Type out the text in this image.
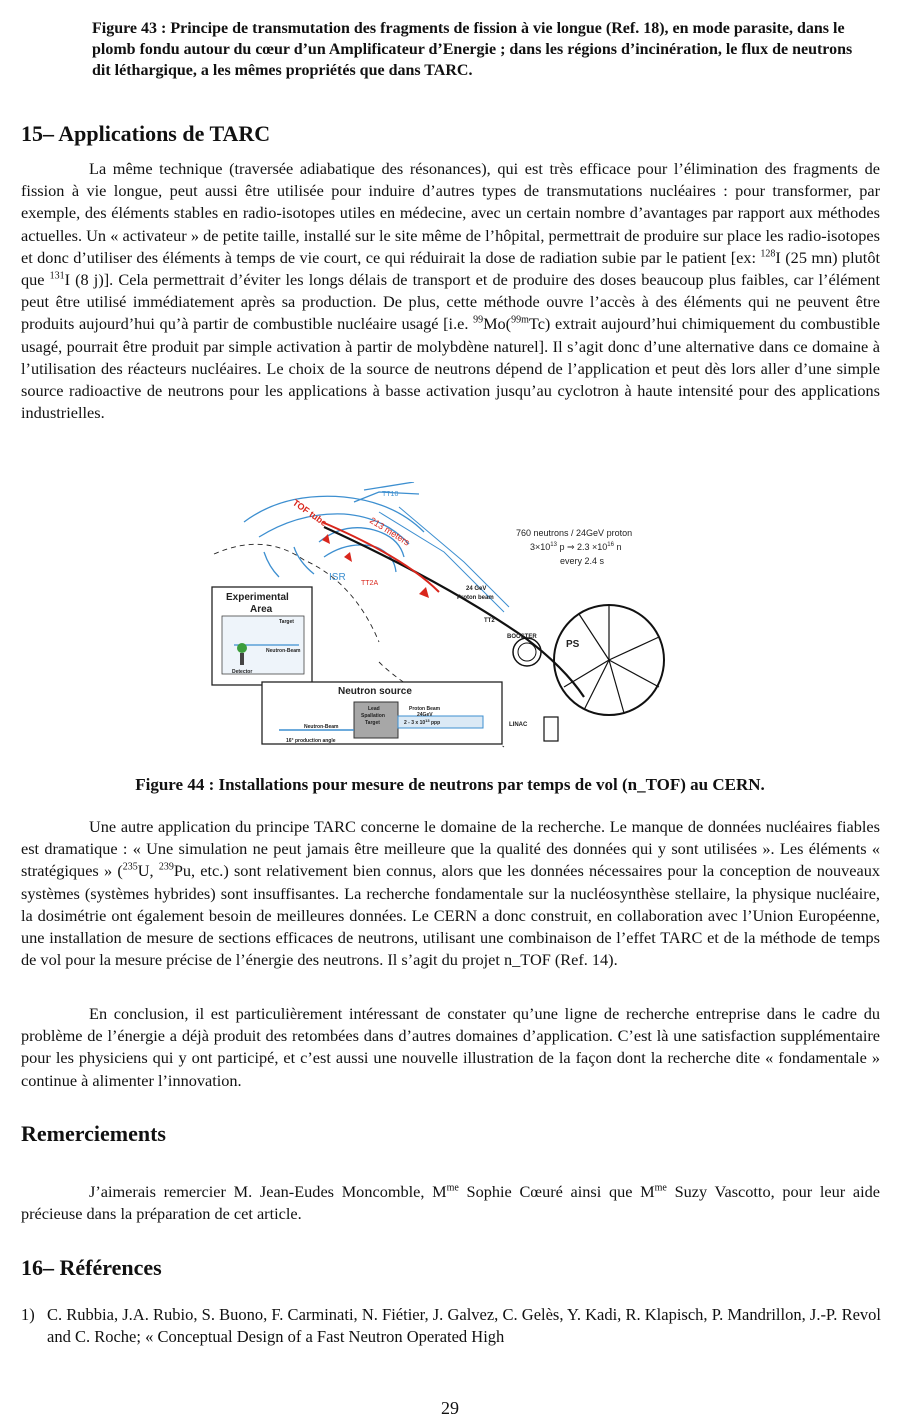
Figure 43 : Principe de transmutation des fragments de fission à vie longue (Ref. 18), en mode parasite, dans le plomb fondu autour du cœur d’un Amplificateur d’Energie ; dans les régions d’incinération, le flux de neutrons dit léthargique, a les mêmes propriétés que dans TARC.
15– Applications de TARC
La même technique (traversée adiabatique des résonances), qui est très efficace pour l’élimination des fragments de fission à vie longue, peut aussi être utilisée pour induire d’autres types de transmutations nucléaires : pour transformer, par exemple, des éléments stables en radio-isotopes utiles en médecine, avec un certain nombre d’avantages par rapport aux méthodes actuelles. Un « activateur » de petite taille, installé sur le site même de l’hôpital, permettrait de produire sur place les radio-isotopes et donc d’utiliser des éléments à temps de vie court, ce qui réduirait la dose de radiation subie par le patient [ex: $^{128}$I (25 mn) plutôt que $^{131}$I (8 j)]. Cela permettrait d’éviter les longs délais de transport et de produire des doses beaucoup plus faibles, car l’élément peut être utilisé immédiatement après sa production. De plus, cette méthode ouvre l’accès à des éléments qui ne peuvent être produits aujourd’hui qu’à partir de combustible nucléaire usagé [i.e. $^{99}$Mo($^{99m}$Tc) extrait aujourd’hui chimiquement du combustible usagé, pourrait être produit par simple activation à partir de molybdène naturel]. Il s’agit donc d’une alternative dans ce domaine à l’utilisation des réacteurs nucléaires. Le choix de la source de neutrons dépend de l’application et peut dès lors aller d’une simple source radioactive de neutrons pour les applications à basse activation jusqu’au cyclotron à haute intensité pour des applications industrielles.
TOF tube
TT10
213 meters
ISR
TT2A
760 neutrons / 24GeV proton
$3\times 10^{13}$ p ⇒ $2.3 \times 10^{16}$ n
every 2.4 s
24 GeV
Proton beam
TT2
BOOSTER
PS
LINAC
Experimental
Area
Target
Neutron-Beam
Detector
Neutron source
Lead
Spallation
Target
Proton Beam
24GeV
2 - 3 x $10^{13}$ ppp
Neutron-Beam
16° production angle
Figure 44 : Installations pour mesure de neutrons par temps de vol (n_TOF) au CERN.
Une autre application du principe TARC concerne le domaine de la recherche. Le manque de données nucléaires fiables est dramatique : « Une simulation ne peut jamais être meilleure que la qualité des données qui y sont utilisées ». Les éléments « stratégiques » ($^{235}$U, $^{239}$Pu, etc.) sont relativement bien connus, alors que les données nécessaires pour la conception de nouveaux systèmes (systèmes hybrides) sont insuffisantes. La recherche fondamentale sur la nucléosynthèse stellaire, la physique nucléaire, la dosimétrie ont également besoin de meilleures données. Le CERN a donc construit, en collaboration avec l’Union Européenne, une installation de mesure de sections efficaces de neutrons, utilisant une combinaison de l’effet TARC et de la méthode de temps de vol pour la mesure précise de l’énergie des neutrons. Il s’agit du projet n_TOF (Ref. 14).
En conclusion, il est particulièrement intéressant de constater qu’une ligne de recherche entreprise dans le cadre du problème de l’énergie a déjà produit des retombées dans d’autres domaines d’application. C’est là une satisfaction supplémentaire pour les physiciens qui y ont participé, et c’est aussi une nouvelle illustration de la façon dont la recherche dite « fondamentale » continue à alimenter l’innovation.
Remerciements
J’aimerais remercier M. Jean-Eudes Moncomble, $M^{me}$ Sophie Cœuré ainsi que $M^{me}$ Suzy Vascotto, pour leur aide précieuse dans la préparation de cet article.
16– Références
1) C. Rubbia, J.A. Rubio, S. Buono, F. Carminati, N. Fiétier, J. Galvez, C. Gelès, Y. Kadi, R. Klapisch, P. Mandrillon, J.-P. Revol and C. Roche; « Conceptual Design of a Fast Neutron Operated High
29
